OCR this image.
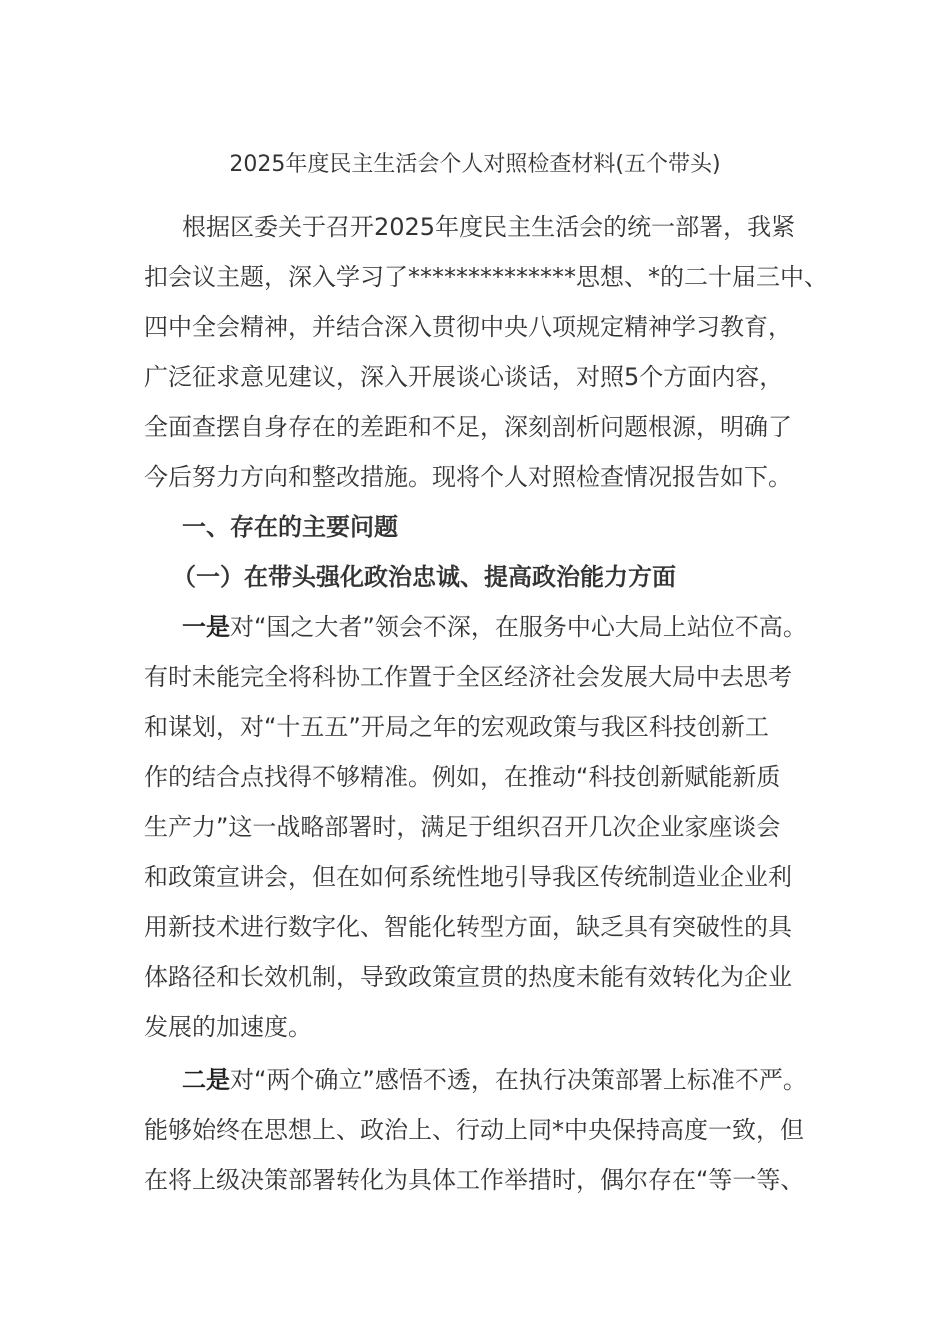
2025年度民主生活会个人对照检查材料(五个带头)
根据区委关于召开2025年度民主生活会的统一部署，我紧
扣会议主题，深入学习了**************思想、*的二十届三中、
四中全会精神，并结合深入贯彻中央八项规定精神学习教育，
广泛征求意见建议，深入开展谈心谈话，对照5个方面内容，
全面查摆自身存在的差距和不足，深刻剖析问题根源，明确了
今后努力方向和整改措施。现将个人对照检查情况报告如下。
一、存在的主要问题
（一）在带头强化政治忠诚、提高政治能力方面
一是对“国之大者”领会不深，在服务中心大局上站位不高。
有时未能完全将科协工作置于全区经济社会发展大局中去思考
和谋划，对“十五五”开局之年的宏观政策与我区科技创新工
作的结合点找得不够精准。例如，在推动“科技创新赋能新质
生产力”这一战略部署时，满足于组织召开几次企业家座谈会
和政策宣讲会，但在如何系统性地引导我区传统制造业企业利
用新技术进行数字化、智能化转型方面，缺乏具有突破性的具
体路径和长效机制，导致政策宣贯的热度未能有效转化为企业
发展的加速度。
二是对“两个确立”感悟不透，在执行决策部署上标准不严。
能够始终在思想上、政治上、行动上同*中央保持高度一致，但
在将上级决策部署转化为具体工作举措时，偶尔存在“等一等、
